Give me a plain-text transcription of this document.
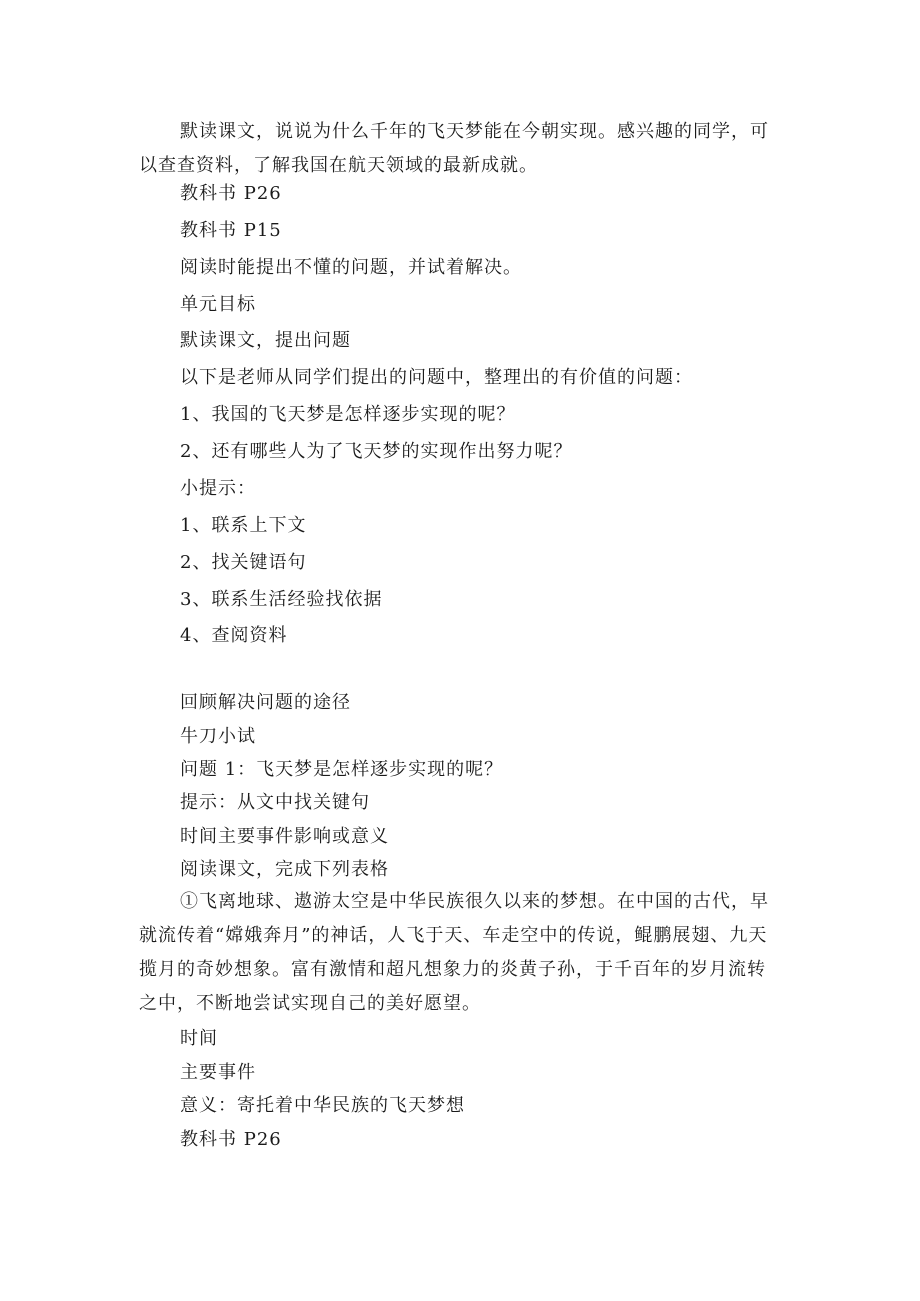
默读课文，说说为什么千年的飞天梦能在今朝实现。感兴趣的同学，可以查查资料，了解我国在航天领域的最新成就。
教科书 P26
教科书 P15
阅读时能提出不懂的问题，并试着解决。
单元目标
默读课文，提出问题
以下是老师从同学们提出的问题中，整理出的有价值的问题：
1、我国的飞天梦是怎样逐步实现的呢？
2、还有哪些人为了飞天梦的实现作出努力呢？
小提示：
1、联系上下文
2、找关键语句
3、联系生活经验找依据
4、查阅资料
回顾解决问题的途径
牛刀小试
问题 1：飞天梦是怎样逐步实现的呢？
提示：从文中找关键句
时间主要事件影响或意义
阅读课文，完成下列表格
①飞离地球、遨游太空是中华民族很久以来的梦想。在中国的古代，早就流传着“嫦娥奔月”的神话，人飞于天、车走空中的传说，鲲鹏展翅、九天揽月的奇妙想象。富有激情和超凡想象力的炎黄子孙，于千百年的岁月流转之中，不断地尝试实现自己的美好愿望。
时间
主要事件
意义：寄托着中华民族的飞天梦想
教科书 P26
